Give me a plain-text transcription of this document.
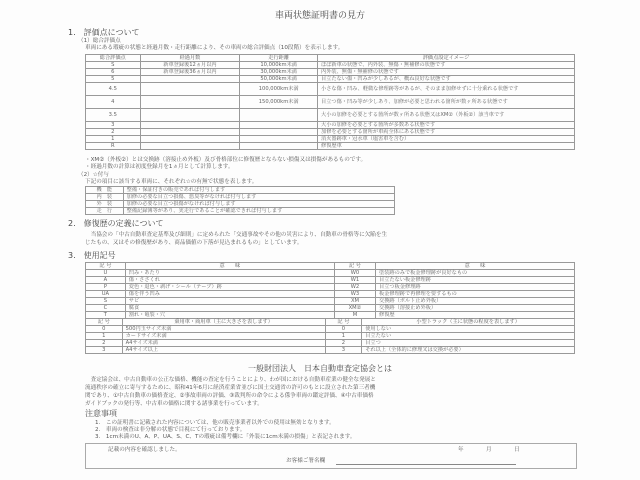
車両状態証明書の見方
1.　評価点について
（1）総合評価点
車両にある瑕疵の状態と経過月数・走行距離により、その車両の総合評価点（10段階）を表示します。
総合評価点	経過月数	走行距離	評価点設定イメージ
S	新車登録後12ヵ月以内	10,000km未満	ほぼ新車の状態で、内外装、無傷・無補修の状態です
6	新車登録後36ヵ月以内	30,000km未満	内外装、無傷・無補修の状態です
5		50,000km未満	目立たない傷・凹みが少しあるが、概ね良好な状態です
4.5		100,000km未満	小さな傷・凹み、軽微な修理跡等があるが、そのまま加修せずに十分乗れる状態です
4		150,000km未満	目立つ傷・凹み等が少しあり、加修が必要と思われる箇所が数ヶ所ある状態です
3.5			大小の加修を必要とする箇所が数ヶ所ある状態又はXM②（外板②）該当車です
3			大小の加修を必要とする箇所が多数ある状態です
2			加修を必要とする箇所が車両全体にある状態です
1			消火器跡車・冠水車（塩害車を含む）
R			修復歴車
・XM②（外板②）とは交換跡（溶接止め外板）及び骨格部位に修復歴とならない損傷又は損傷があるものです。
・経過月数の計算は初度登録月を1ヵ月として計算します。
（2）☆付与
下記の項目に該当する車両に、それぞれ☆の有無で状態を表します。
機　能	整備・保証付きの販売であれば付与します
内　装	加修の必要な目立つ損傷、悪臭等がなければ付与します
外　装	加修の必要な目立つ損傷がなければ付与します
走　行	整備記録簿等があり、実走行であることが確認できれば付与します
2.　修復歴の定義について
　当協会の「中古自動車査定基準及び細則」に定められた「交通事故やその他の災害により、自動車の骨格等に欠陥を生
じたもの、又はその修復歴があり、商品価値の下落が見込まれるもの」としています。
3.　使用記号
記 号	意　　味	記 号	意　　味
U	凹み・あたり	W0	塗装跡のみで板金修理跡が良好なもの
A	傷・ささくれ	W1	目立たない板金修理跡
P	変色・退色・剥げ・シール（テープ）跡	W2	目立つ板金修理跡
UA	傷を伴う凹み	W3	板金修理跡で再修理を要するもの
S	サビ	XM	交換跡（ボルト止め外板）
C	腐食	XM②	交換跡（溶接止め外板）
T	割れ・亀裂・穴	M	修復歴
記 号	乗用車・商用車（主に大きさを表します）	記 号	小型トラック（主に状態の程度を表します）
0	500円玉サイズ未満	0	使用しない
1	カードサイズ未満	1	目立たない
2	A4サイズ未満	2	目立つ
3	A4サイズ以上	3	それ以上（全体的に修理又は交換が必要）
一般財団法人　日本自動車査定協会とは
　査定協会は、中古自動車の公正な価格、機能の査定を行うことにより、わが国における自動車産業の健全な発展と
流通秩序の確立に寄与するために、昭和41年6月に経済産業省並びに国土交通省の許可のもとに設立された第三者機
関であり、①中古自動車の価格査定、②事故車両の評価、③裁判所の命令による係争車両の鑑定評価、④中古車価格
ガイドブックの発行等、中古車の価格に関する諸事業を行っています。
注意事項
1.　この証明書に記載された内容については、他の販売事業者以外での使用は無効となります。
2.　車両の検査は非分解の状態で目視にて行っております。
3.　1cm未満のU、A、P、UA、S、C、Tの瑕疵は備考欄に「外装に1cm未満の損傷」と表記されます。
記載の内容を確認しました。	年	月	日
お客様ご署名欄
